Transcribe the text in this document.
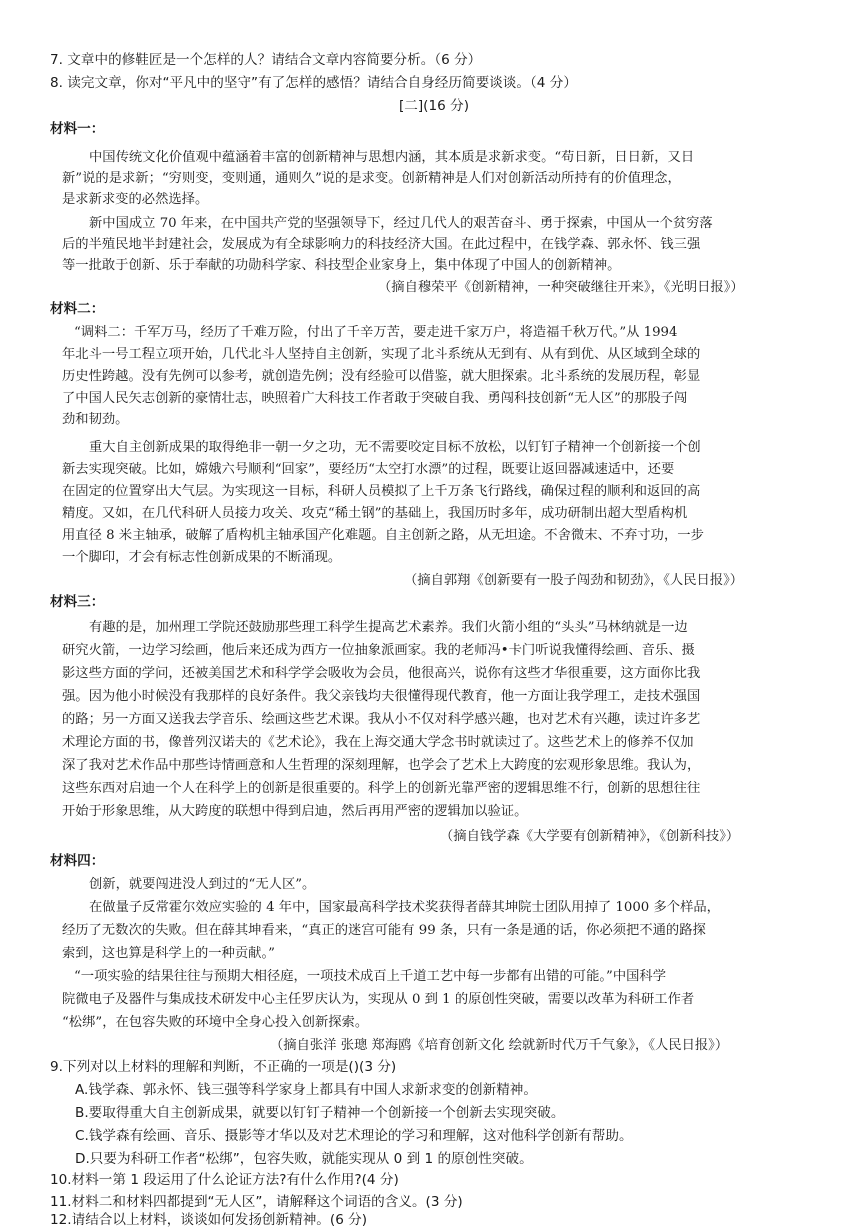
7. 文章中的修鞋匠是一个怎样的人？请结合文章内容简要分析。（6 分）
8. 读完文章，你对“平凡中的坚守”有了怎样的感悟？请结合自身经历简要谈谈。（4 分）
[二](16 分)
材料一：
中国传统文化价值观中蕴涵着丰富的创新精神与思想内涵，其本质是求新求变。“苟日新，日日新，又日
新”说的是求新；“穷则变，变则通，通则久”说的是求变。创新精神是人们对创新活动所持有的价值理念，
是求新求变的必然选择。
新中国成立 70 年来，在中国共产党的坚强领导下，经过几代人的艰苦奋斗、勇于探索，中国从一个贫穷落
后的半殖民地半封建社会，发展成为有全球影响力的科技经济大国。在此过程中，在钱学森、郭永怀、钱三强
等一批敢于创新、乐于奉献的功勋科学家、科技型企业家身上，集中体现了中国人的创新精神。
（摘自穆荣平《创新精神，一种突破继往开来》，《光明日报》）
材料二：
“调料二：千军万马，经历了千难万险，付出了千辛万苦，要走进千家万户，将造福千秋万代。”从 1994
年北斗一号工程立项开始，几代北斗人坚持自主创新，实现了北斗系统从无到有、从有到优、从区域到全球的
历史性跨越。没有先例可以参考，就创造先例；没有经验可以借鉴，就大胆探索。北斗系统的发展历程，彰显
了中国人民矢志创新的豪情壮志，映照着广大科技工作者敢于突破自我、勇闯科技创新“无人区”的那股子闯
劲和韧劲。
重大自主创新成果的取得绝非一朝一夕之功，无不需要咬定目标不放松，以钉钉子精神一个创新接一个创
新去实现突破。比如，嫦娥六号顺利“回家”，要经历“太空打水漂”的过程，既要让返回器减速适中，还要
在固定的位置穿出大气层。为实现这一目标，科研人员模拟了上千万条飞行路线，确保过程的顺利和返回的高
精度。又如，在几代科研人员接力攻关、攻克“稀土钢”的基础上，我国历时多年，成功研制出超大型盾构机
用直径 8 米主轴承，破解了盾构机主轴承国产化难题。自主创新之路，从无坦途。不舍微末、不弃寸功，一步
一个脚印，才会有标志性创新成果的不断涌现。
（摘自郭翔《创新要有一股子闯劲和韧劲》，《人民日报》）
材料三：
有趣的是，加州理工学院还鼓励那些理工科学生提高艺术素养。我们火箭小组的“头头”马林纳就是一边
研究火箭，一边学习绘画，他后来还成为西方一位抽象派画家。我的老师冯•卡门听说我懂得绘画、音乐、摄
影这些方面的学问，还被美国艺术和科学学会吸收为会员，他很高兴，说你有这些才华很重要，这方面你比我
强。因为他小时候没有我那样的良好条件。我父亲钱均夫很懂得现代教育，他一方面让我学理工，走技术强国
的路；另一方面又送我去学音乐、绘画这些艺术课。我从小不仅对科学感兴趣，也对艺术有兴趣，读过许多艺
术理论方面的书，像普列汉诺夫的《艺术论》，我在上海交通大学念书时就读过了。这些艺术上的修养不仅加
深了我对艺术作品中那些诗情画意和人生哲理的深刻理解，也学会了艺术上大跨度的宏观形象思维。我认为，
这些东西对启迪一个人在科学上的创新是很重要的。科学上的创新光靠严密的逻辑思维不行，创新的思想往往
开始于形象思维，从大跨度的联想中得到启迪，然后再用严密的逻辑加以验证。
（摘自钱学森《大学要有创新精神》，《创新科技》）
材料四：
创新，就要闯进没人到过的“无人区”。
在做量子反常霍尔效应实验的 4 年中，国家最高科学技术奖获得者薛其坤院士团队用掉了 1000 多个样品，
经历了无数次的失败。但在薛其坤看来，“真正的迷宫可能有 99 条，只有一条是通的话，你必须把不通的路探
索到，这也算是科学上的一种贡献。”
“一项实验的结果往往与预期大相径庭，一项技术成百上千道工艺中每一步都有出错的可能。”中国科学
院微电子及器件与集成技术研发中心主任罗庆认为，实现从 0 到 1 的原创性突破，需要以改革为科研工作者
“松绑”，在包容失败的环境中全身心投入创新探索。
（摘自张洋 张璁 郑海鸥《培育创新文化 绘就新时代万千气象》，《人民日报》）
9.下列对以上材料的理解和判断，不正确的一项是()(3 分)
A.钱学森、郭永怀、钱三强等科学家身上都具有中国人求新求变的创新精神。
B.要取得重大自主创新成果，就要以钉钉子精神一个创新接一个创新去实现突破。
C.钱学森有绘画、音乐、摄影等才华以及对艺术理论的学习和理解，这对他科学创新有帮助。
D.只要为科研工作者“松绑”，包容失败，就能实现从 0 到 1 的原创性突破。
10.材料一第 1 段运用了什么论证方法?有什么作用?(4 分)
11.材料二和材料四都提到“无人区”，请解释这个词语的含义。(3 分)
12.请结合以上材料，谈谈如何发扬创新精神。(6 分)
